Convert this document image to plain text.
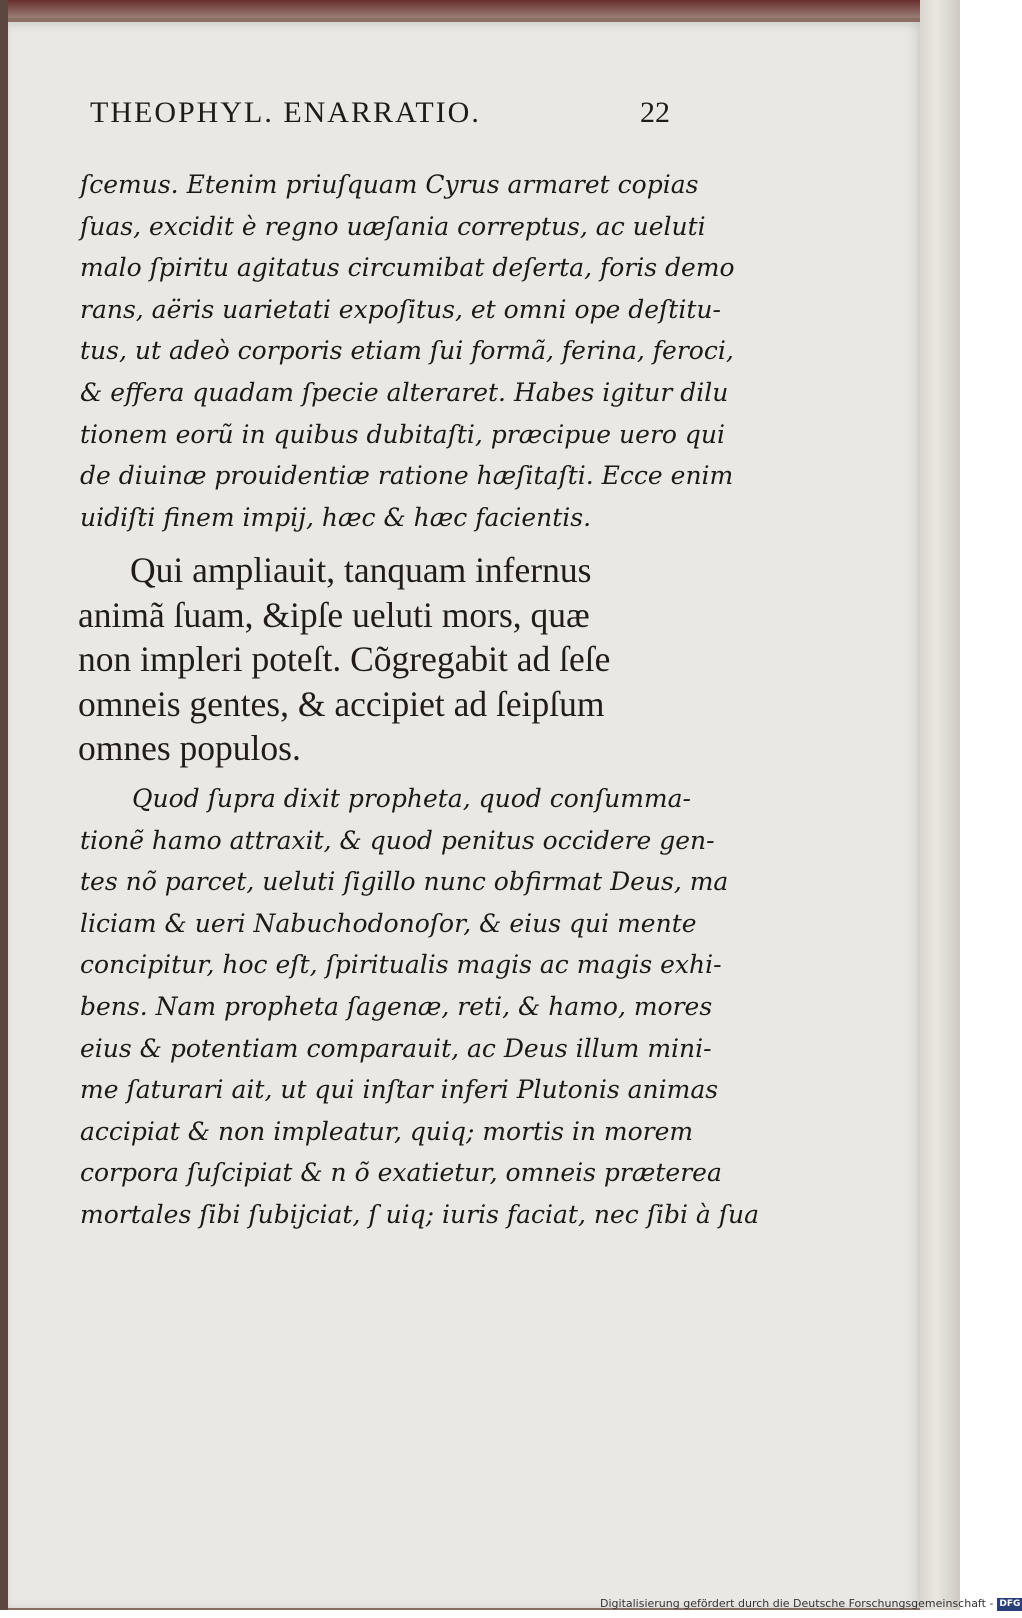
THEOPHYL. ENARRATIO.	22
ſcemus. Etenim priuſquam Cyrus armaret copias
ſuas, excidit è regno uæſania correptus, ac ueluti
malo ſpiritu agitatus circumibat deſerta, foris demo
rans, aëris uarietati expoſitus, et omni ope deſtitu-
tus, ut adeò corporis etiam ſui formã, ferina, feroci,
& effera quadam ſpecie alteraret. Habes igitur dilu
tionem eorũ in quibus dubitaſti, præcipue uero qui
de diuinæ prouidentiæ ratione hæſitaſti. Ecce enim
uidiſti finem impij, hæc & hæc facientis.
Qui ampliauit, tanquam infernus
animã ſuam, &ipſe ueluti mors, quæ
non impleri poteſt. Cõgregabit ad ſeſe
omneis gentes, & accipiet ad ſeipſum
omnes populos.
Quod ſupra dixit propheta, quod conſumma-
tionẽ hamo attraxit, & quod penitus occidere gen-
tes nõ parcet, ueluti ſigillo nunc obfirmat Deus, ma
liciam & ueri Nabuchodonoſor, & eius qui mente
concipitur, hoc eſt, ſpiritualis magis ac magis exhi-
bens. Nam propheta ſagenæ, reti, & hamo, mores
eius & potentiam comparauit, ac Deus illum mini-
me ſaturari ait, ut qui inſtar inferi Plutonis animas
accipiat & non impleatur, quiq; mortis in morem
corpora ſuſcipiat & n õ exatietur, omneis præterea
mortales ſibi ſubijciat, ſ uiq; iuris faciat, nec ſibi à ſua
Digitalisierung gefördert durch die Deutsche Forschungsgemeinschaft - DFG
